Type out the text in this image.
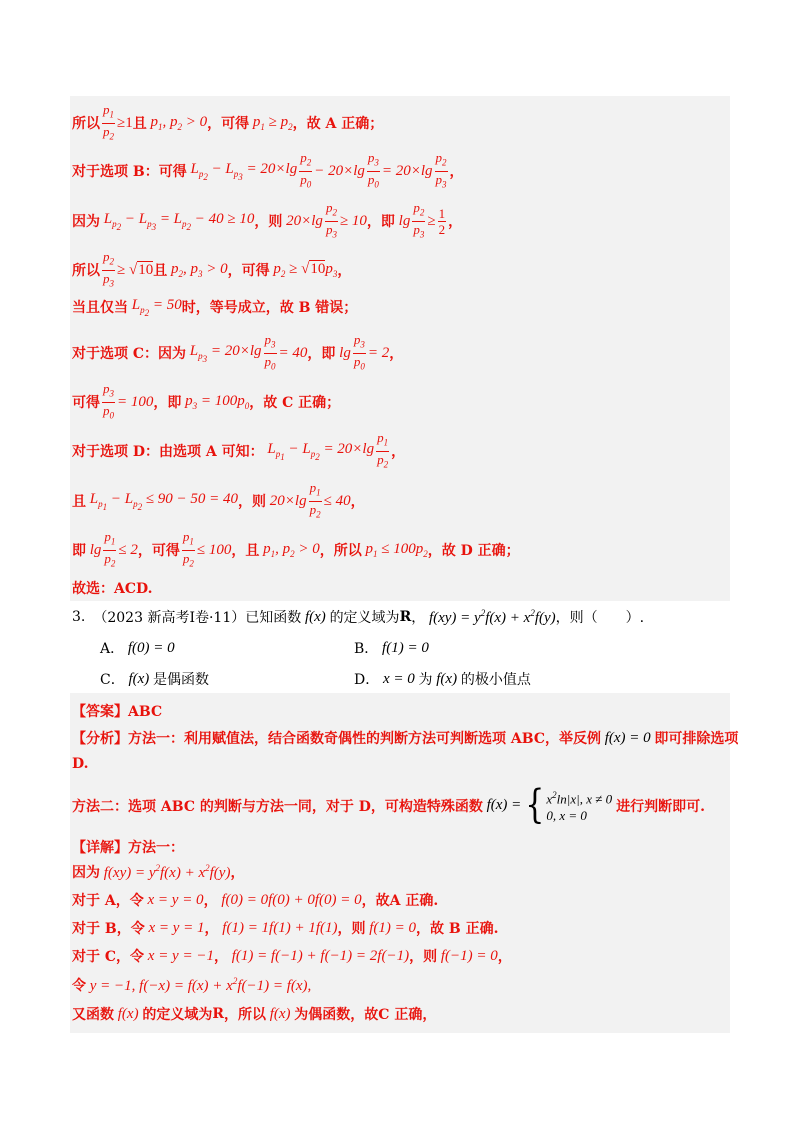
所以 $\frac{p_1}{p_2} \ge 1$ 且 $p_1$, $p_2 > 0$ ，可得 $p_1 \ge p_2$ ，故 A 正确；
对于选项 B：可得 $L_{p_2} - L_{p_3} = 20\times\lg \frac{p_2}{p_0} - 20\times\lg \frac{p_3}{p_0} = 20\times\lg \frac{p_2}{p_3}$ ，
因为 $L_{p_2} - L_{p_3} = L_{p_2} - 40 \ge 10$ ，则 $20\times\lg \frac{p_2}{p_3} \ge 10$ ，即 $\lg \frac{p_2}{p_3} \ge \frac{1}{2}$ ，
所以 $\frac{p_2}{p_3} \ge √10$ 且 $p_2$, $p_3 > 0$ ，可得 $p_2 \ge √10p_3$ ，
当且仅当 $L_{p_2} = 50$ 时，等号成立，故 B 错误；
对于选项 C：因为 $L_{p_3} = 20\times\lg \frac{p_3}{p_0} = 40$ ，即 $\lg \frac{p_3}{p_0} = 2$ ，
可得 $\frac{p_3}{p_0} = 100$ ，即 $p_3 = 100p_0$ ，故 C 正确；
对于选项 D：由选项 A 可知： $L_{p_1} - L_{p_2} = 20\times\lg \frac{p_1}{p_2}$ ，
且 $L_{p_1} - L_{p_2} \le 90 - 50 = 40$ ，则 $20\times\lg \frac{p_1}{p_2} \le 40$ ，
即 $\lg \frac{p_1}{p_2} \le 2$ ，可得 $\frac{p_1}{p_2} \le 100$ ，且 $p_1$, $p_2 > 0$ ，所以 $p_1 \le 100p_2$ ，故 D 正确；
故选：ACD.
3. （2023 新高考Ⅰ卷·11）已知函数 f(x) 的定义域为 R ， $f(xy) = y^2f(x) + x^2f(y)$ ，则（　　）.
A． f(0) = 0	B． f(1) = 0
C． f(x) 是偶函数	D． x = 0 为 f(x) 的极小值点
【答案】ABC
【分析】方法一：利用赋值法，结合函数奇偶性的判断方法可判断选项 ABC，举反例 f(x) = 0 即可排除选项
D.
方法二：选项 ABC 的判断与方法一同，对于 D，可构造特殊函数 f(x) = { $x^2\ln|x|$, x ≠ 0
0, x = 0
进行判断即可.
【详解】方法一：
因为 $f(xy) = y^2f(x) + x^2f(y)$ ，
对于 A，令 x = y = 0 ， f(0) = 0f(0) + 0f(0) = 0 ，故A 正确.
对于 B，令 x = y = 1 ， f(1) = 1f(1) + 1f(1) ，则 f(1) = 0 ，故 B 正确.
对于 C，令 x = y = −1 ， f(1) = f(−1) + f(−1) = 2f(−1) ，则 f(−1) = 0 ，
令 y = −1, $f(-x) = f(x) + x^2f(-1) = f(x)$,
又函数 f(x) 的定义域为 R ，所以 f(x) 为偶函数，故C 正确，
